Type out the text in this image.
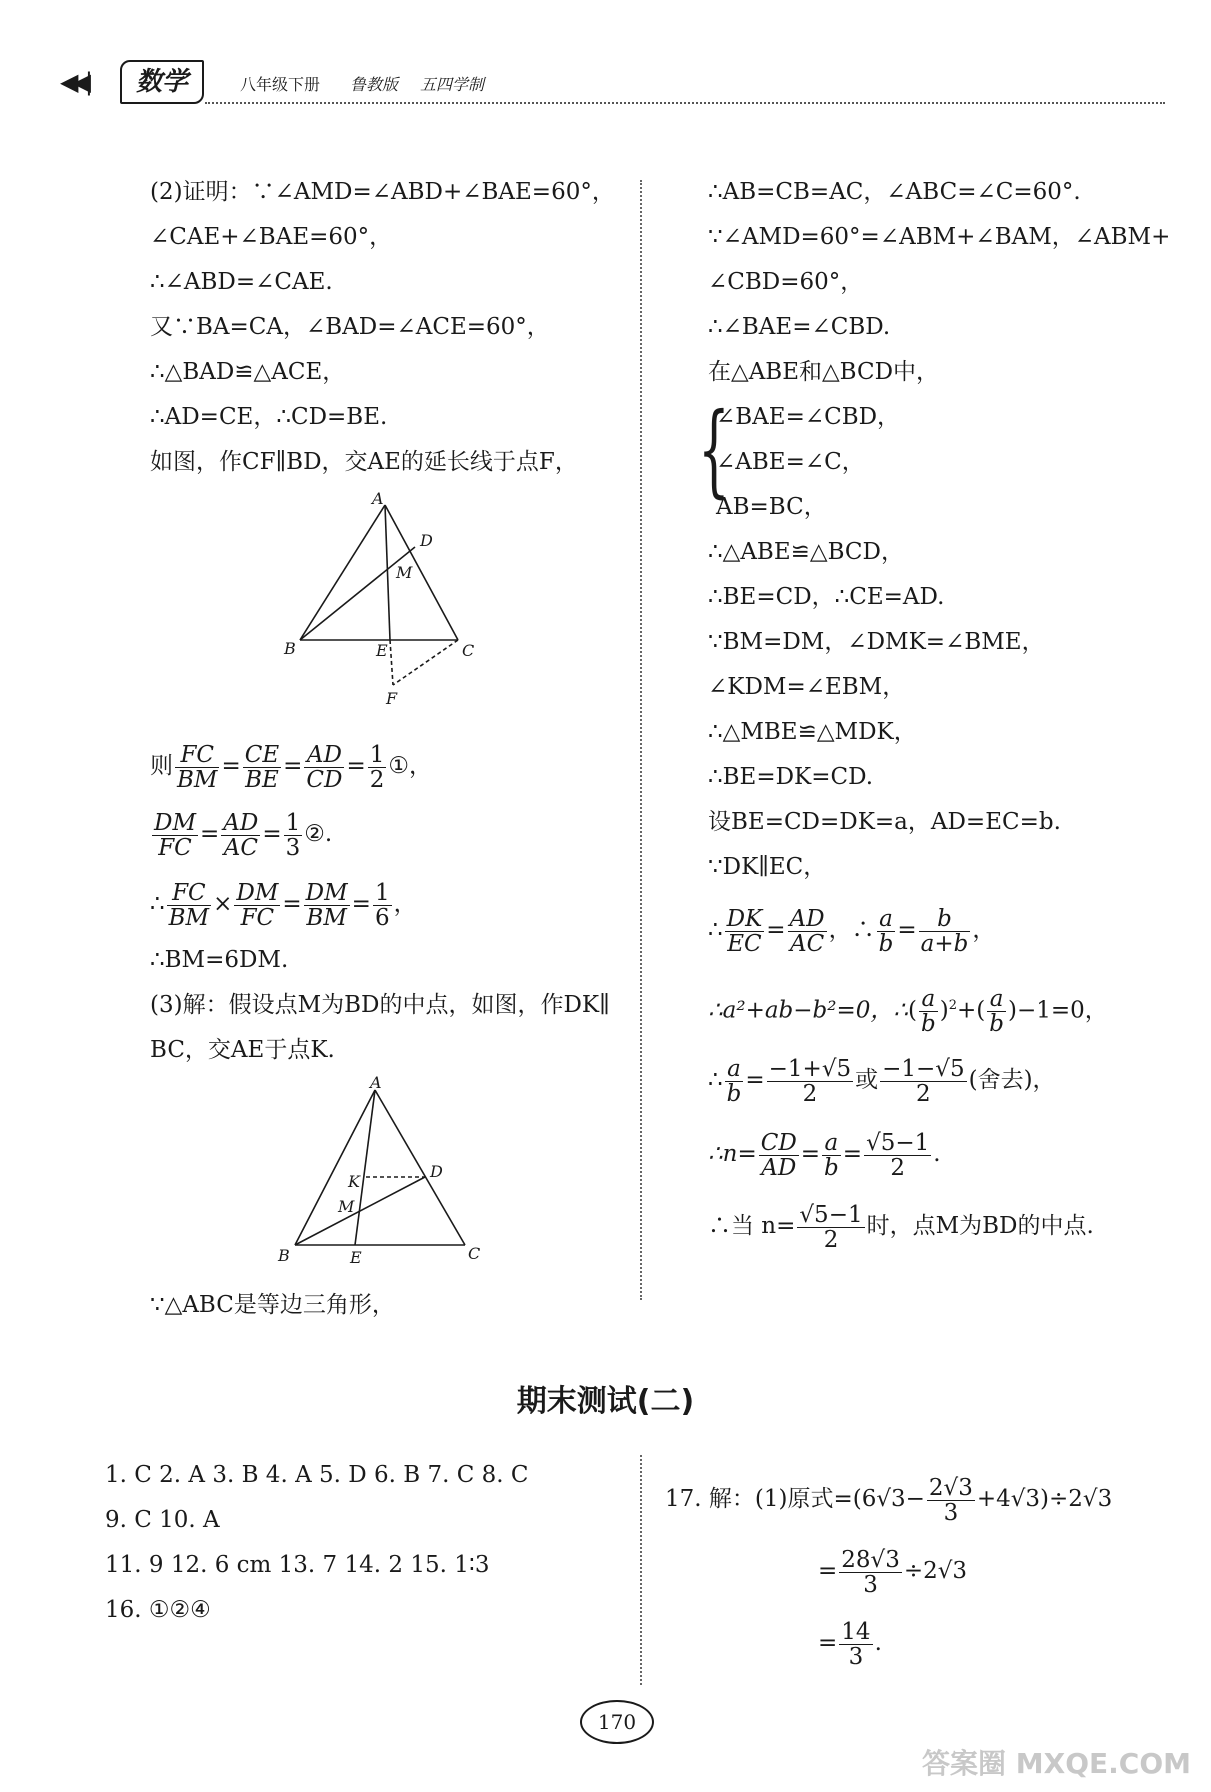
◀◀|	数学	八年级下册 鲁教版 五四学制
(2)证明：∵∠AMD=∠ABD+∠BAE=60°，
∠CAE+∠BAE=60°，
∴∠ABD=∠CAE.
又∵BA=CA，∠BAD=∠ACE=60°，
∴△BAD≌△ACE，
∴AD=CE，∴CD=BE.
如图，作CF∥BD，交AE的延长线于点F，
A
D
M
B	E	C
F
则 $\frac{FC}{BM} = \frac{CE}{BE} = \frac{AD}{CD} = \frac{1}{2}$ ①，
$\frac{DM}{FC} = \frac{AD}{AC} = \frac{1}{3}$ ②.
∴ $\frac{FC}{BM} \times \frac{DM}{FC} = \frac{DM}{BM} = \frac{1}{6}$ ，
∴BM=6DM.
(3)解：假设点M为BD的中点，如图，作DK∥
BC，交AE于点K.
A
D
K
M
B	E	C
∵△ABC是等边三角形，
∴AB=CB=AC，∠ABC=∠C=60°.
∵∠AMD=60°=∠ABM+∠BAM，∠ABM+
∠CBD=60°，
∴∠BAE=∠CBD.
在△ABE和△BCD中，
{
∠BAE=∠CBD，
∠ABE=∠C，
AB=BC，
∴△ABE≌△BCD，
∴BE=CD，∴CE=AD.
∵BM=DM，∠DMK=∠BME，
∠KDM=∠EBM，
∴△MBE≌△MDK，
∴BE=DK=CD.
设BE=CD=DK=a，AD=EC=b.
∵DK∥EC，
∴ $\frac{DK}{EC} = \frac{AD}{AC}$ ，∴ $\frac{a}{b} = \frac{b}{a+b}$ ，
∴a²+ab−b²=0，∴( $\frac{a}{b} )^2+( \frac{a}{b} )-1=0$，
∴ $\frac{a}{b} = \frac{-1+√5}{2}$ 或 $\frac{-1-√5}{2}$ (舍去)，
∴n= $\frac{CD}{AD} = \frac{a}{b} = \frac{√5-1}{2}$ .
∴当 $n= \frac{√5-1}{2}$ 时，点M为BD的中点.
期末测试(二)
1. C 2. A 3. B 4. A 5. D 6. B 7. C 8. C
9. C 10. A
11. 9 12. 6 cm 13. 7 14. 2 15. 1∶3
16. ①②④
17. 解：(1)原式$=(6√3- \frac{2√3}{3} +4√3)\div 2√3$
= $\frac{28√3}{3} \div 2√3$
= $\frac{14}{3}$ .
170
答案圈 MXQE.COM
